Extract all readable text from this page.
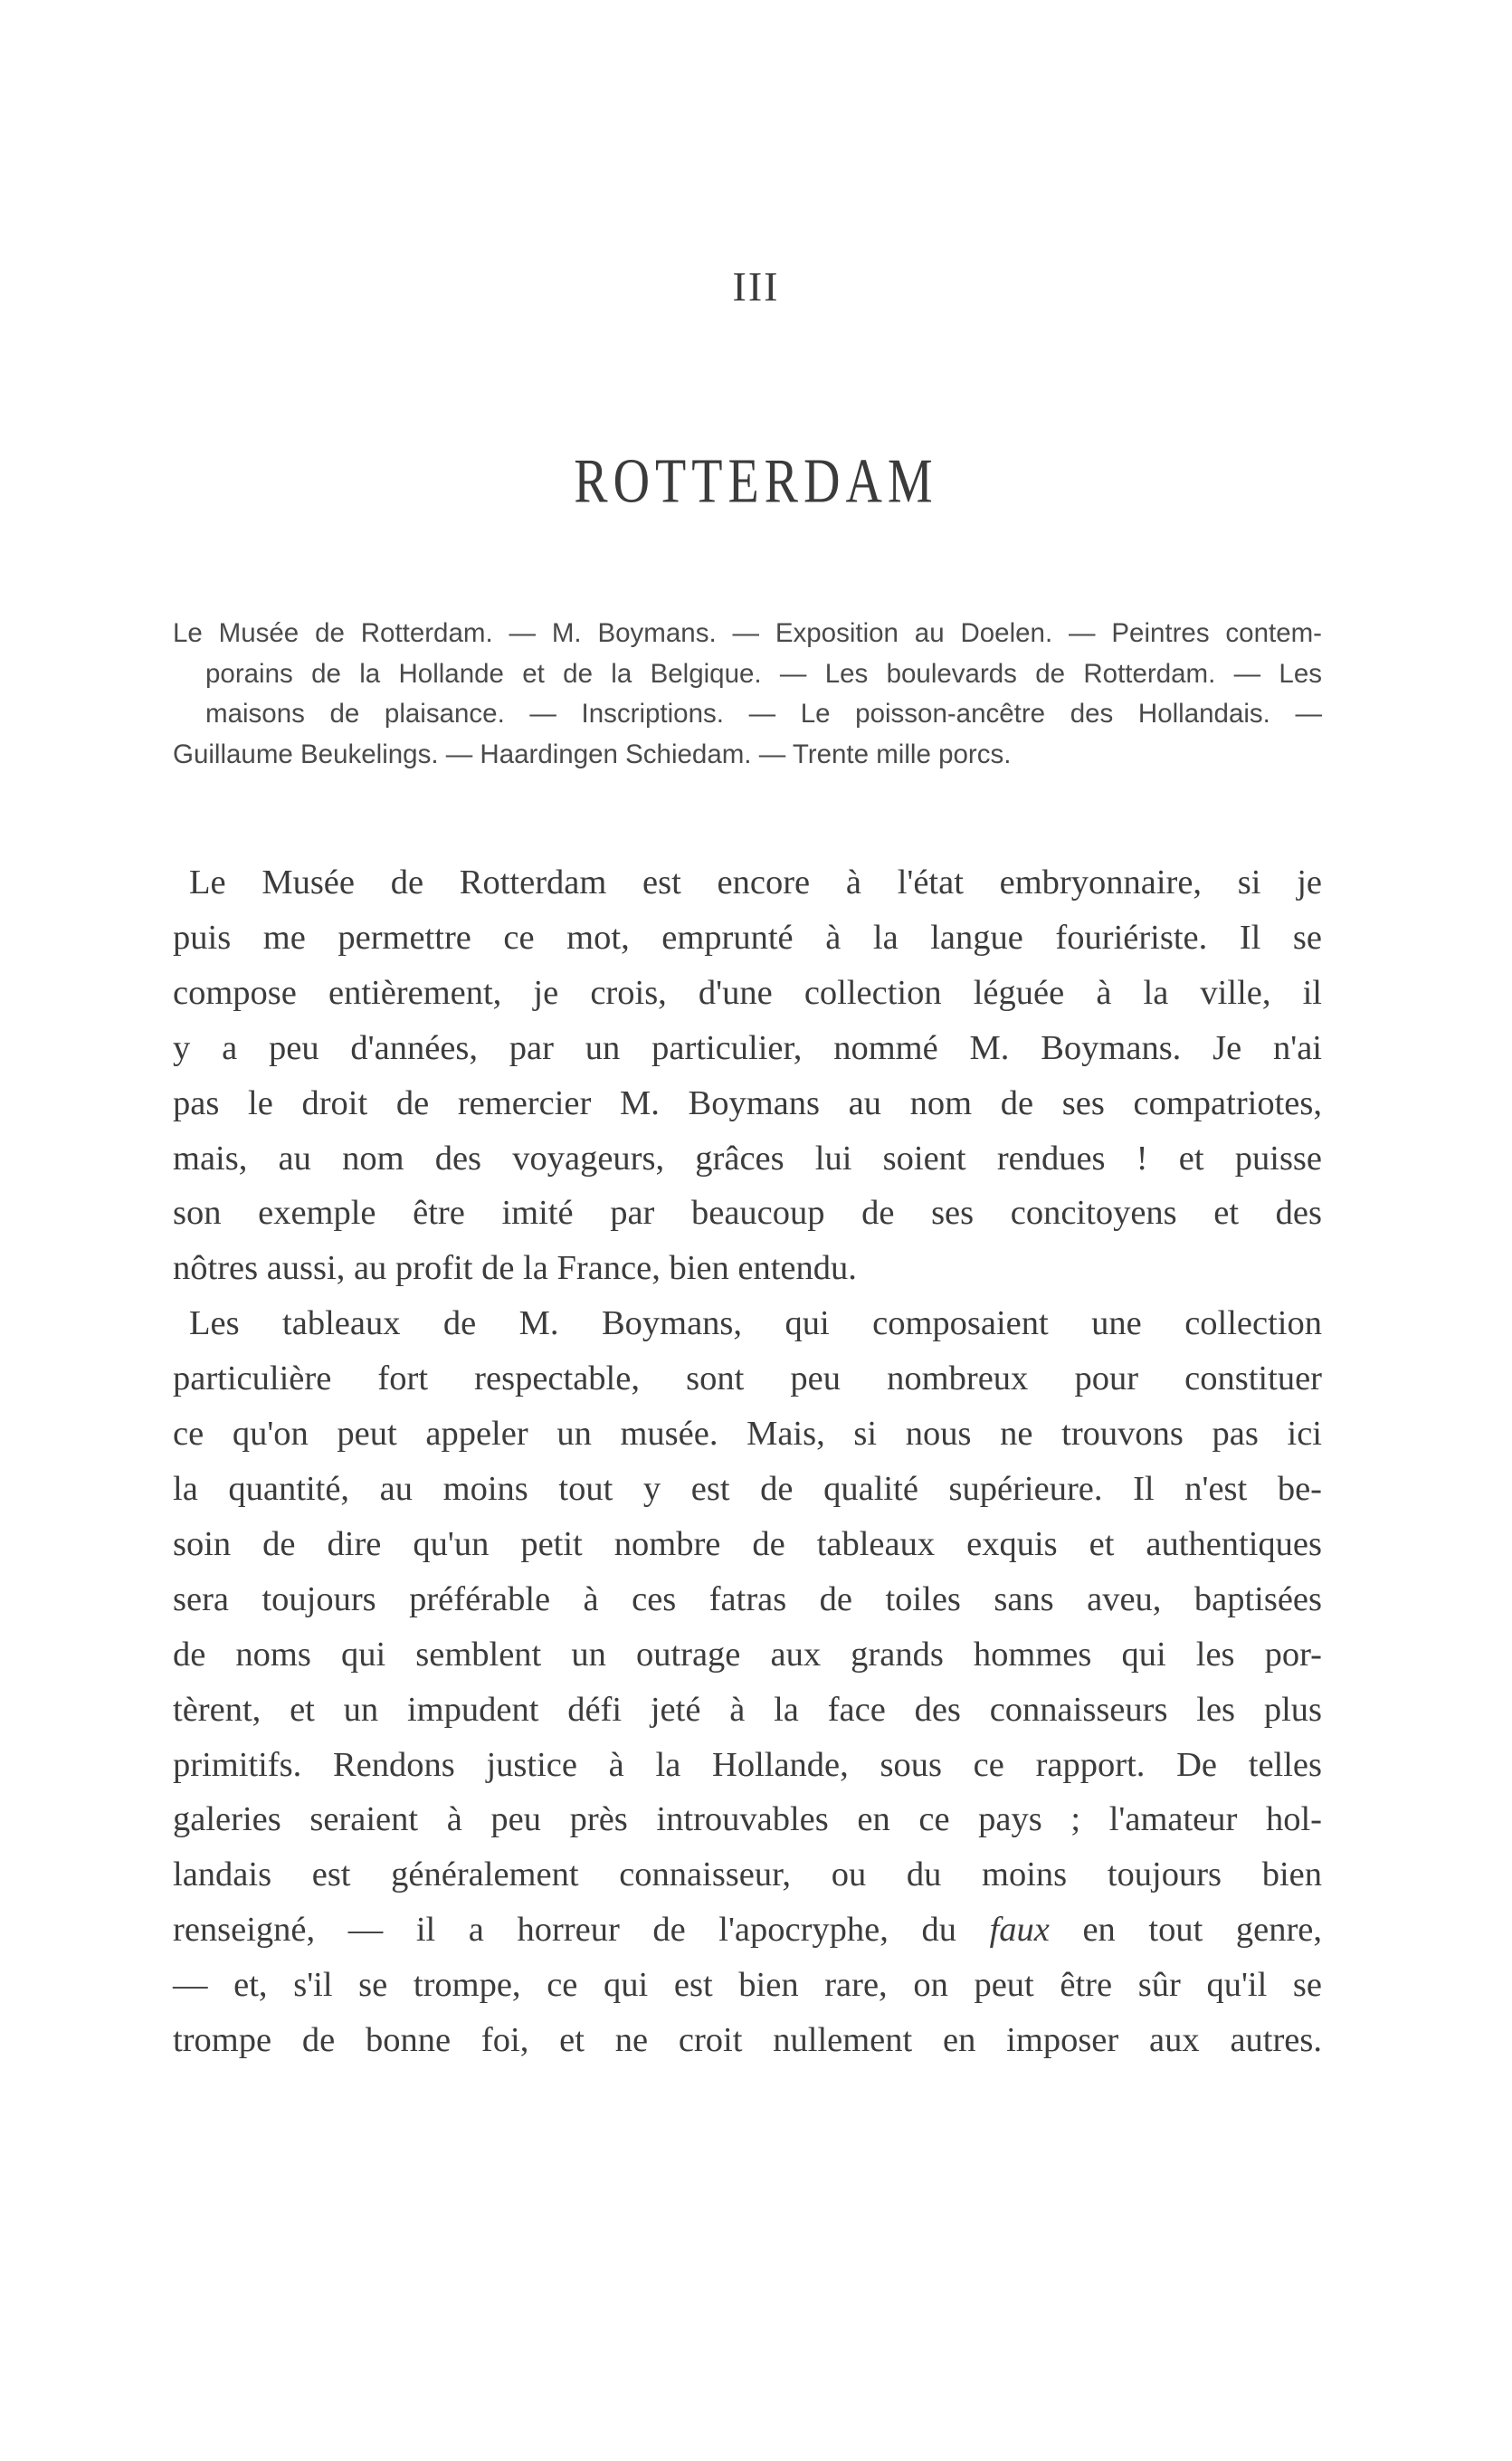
III
ROTTERDAM
Le Musée de Rotterdam. — M. Boymans. — Exposition au Doelen. — Peintres contem-
porains de la Hollande et de la Belgique. — Les boulevards de Rotterdam. — Les
maisons de plaisance. — Inscriptions. — Le poisson-ancêtre des Hollandais. —
Guillaume Beukelings. — Haardingen Schiedam. — Trente mille porcs.
Le Musée de Rotterdam est encore à l'état embryonnaire, si je
puis me permettre ce mot, emprunté à la langue fouriériste. Il se
compose entièrement, je crois, d'une collection léguée à la ville, il
y a peu d'années, par un particulier, nommé M. Boymans. Je n'ai
pas le droit de remercier M. Boymans au nom de ses compatriotes,
mais, au nom des voyageurs, grâces lui soient rendues ! et puisse
son exemple être imité par beaucoup de ses concitoyens et des
nôtres aussi, au profit de la France, bien entendu.
Les tableaux de M. Boymans, qui composaient une collection
particulière fort respectable, sont peu nombreux pour constituer
ce qu'on peut appeler un musée. Mais, si nous ne trouvons pas ici
la quantité, au moins tout y est de qualité supérieure. Il n'est be-
soin de dire qu'un petit nombre de tableaux exquis et authentiques
sera toujours préférable à ces fatras de toiles sans aveu, baptisées
de noms qui semblent un outrage aux grands hommes qui les por-
tèrent, et un impudent défi jeté à la face des connaisseurs les plus
primitifs. Rendons justice à la Hollande, sous ce rapport. De telles
galeries seraient à peu près introuvables en ce pays ; l'amateur hol-
landais est généralement connaisseur, ou du moins toujours bien
renseigné, — il a horreur de l'apocryphe, du faux en tout genre,
— et, s'il se trompe, ce qui est bien rare, on peut être sûr qu'il se
trompe de bonne foi, et ne croit nullement en imposer aux autres.
